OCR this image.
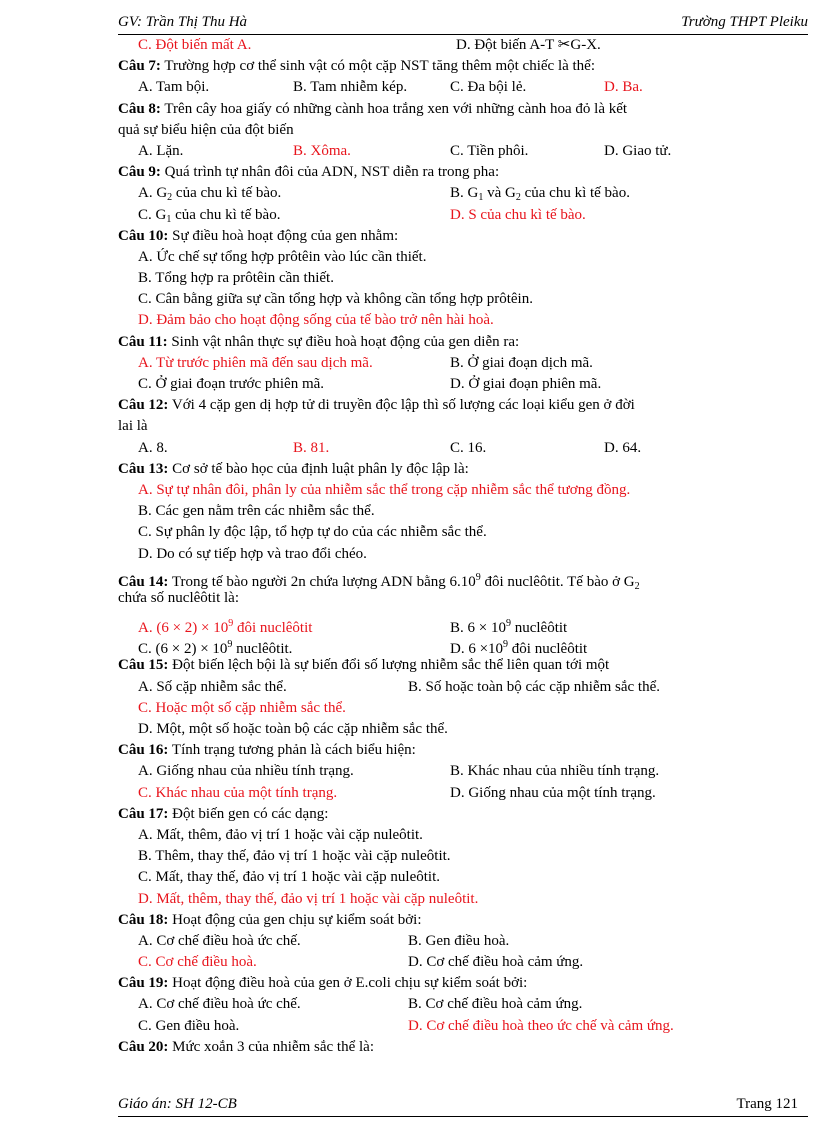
GV: Trần Thị Thu Hà	Trường THPT Pleiku
C. Đột biến mất A.	D. Đột biến A-T ✂G-X.
Câu 7: Trường hợp cơ thể sinh vật có một cặp NST tăng thêm một chiếc là thể:
A. Tam bội.	B. Tam nhiễm kép.	C. Đa bội lẻ.	D. Ba.
Câu 8: Trên cây hoa giấy có những cành hoa trắng xen với những cành hoa đỏ là kết
quả sự biểu hiện của đột biến
A. Lặn.	B. Xôma.	C. Tiền phôi.	D. Giao tử.
Câu 9: Quá trình tự nhân đôi của ADN, NST diễn ra trong pha:
A. $G_2$ của chu kì tế bào.	B. $G_1$ và $G_2$ của chu kì tế bào.
C. $G_1$ của chu kì tế bào.	D. S của chu kì tế bào.
Câu 10: Sự điều hoà hoạt động của gen nhằm:
A. Ức chế sự tổng hợp prôtêin vào lúc cần thiết.
B. Tổng hợp ra prôtêin cần thiết.
C. Cân bằng giữa sự cần tổng hợp và không cần tổng hợp prôtêin.
D. Đảm bảo cho hoạt động sống của tế bào trở nên hài hoà.
Câu 11: Sinh vật nhân thực sự điều hoà hoạt động của gen diễn ra:
A. Từ trước phiên mã đến sau dịch mã.	B. Ở giai đoạn dịch mã.
C. Ở giai đoạn trước phiên mã.	D. Ở giai đoạn phiên mã.
Câu 12: Với 4 cặp gen dị hợp tử di truyền độc lập thì số lượng các loại kiểu gen ở đời
lai là
A. 8.	B. 81.	C. 16.	D. 64.
Câu 13: Cơ sở tế bào học của định luật phân ly độc lập là:
A. Sự tự nhân đôi, phân ly của nhiễm sắc thể trong cặp nhiễm sắc thể tương đồng.
B. Các gen nằm trên các nhiễm sắc thể.
C. Sự phân ly độc lập, tổ hợp tự do của các nhiễm sắc thể.
D. Do có sự tiếp hợp và trao đổi chéo.
Câu 14: Trong tế bào người 2n chứa lượng ADN bằng 6.10$^9$ đôi nuclêôtit. Tế bào ở $G_2$
chứa số nuclêôtit là:
A. $(6 \times 2) \times 10^9$ đôi nuclêôtit	B. $6 \times 10^9$ nuclêôtit
C. $(6 \times 2) \times 10^9$ nuclêôtit.	D. $6 \times 10^9$ đôi nuclêôtit
Câu 15: Đột biến lệch bội là sự biến đổi số lượng nhiễm sắc thể liên quan tới một
A. Số cặp nhiễm sắc thể.	B. Số hoặc toàn bộ các cặp nhiễm sắc thể.
C. Hoặc một số cặp nhiễm sắc thể.
D. Một, một số hoặc toàn bộ các cặp nhiễm sắc thể.
Câu 16: Tính trạng tương phản là cách biểu hiện:
A. Giống nhau của nhiều tính trạng.	B. Khác nhau của nhiều tính trạng.
C. Khác nhau của một tính trạng.	D. Giống nhau của một tính trạng.
Câu 17: Đột biến gen có các dạng:
A. Mất, thêm, đảo vị trí 1 hoặc vài cặp nuleôtit.
B. Thêm, thay thế, đảo vị trí 1 hoặc vài cặp nuleôtit.
C. Mất, thay thế, đảo vị trí 1 hoặc vài cặp nuleôtit.
D. Mất, thêm, thay thế, đảo vị trí 1 hoặc vài cặp nuleôtit.
Câu 18: Hoạt động của gen chịu sự kiểm soát bởi:
A. Cơ chế điều hoà ức chế.	B. Gen điều hoà.
C. Cơ chế điều hoà.	D. Cơ chế điều hoà cảm ứng.
Câu 19: Hoạt động điều hoà của gen ở E.coli chịu sự kiểm soát bởi:
A. Cơ chế điều hoà ức chế.	B. Cơ chế điều hoà cảm ứng.
C. Gen điều hoà.	D. Cơ chế điều hoà theo ức chế và cảm ứng.
Câu 20: Mức xoắn 3 của nhiễm sắc thể là:
Giáo án: SH 12-CB	Trang 121
